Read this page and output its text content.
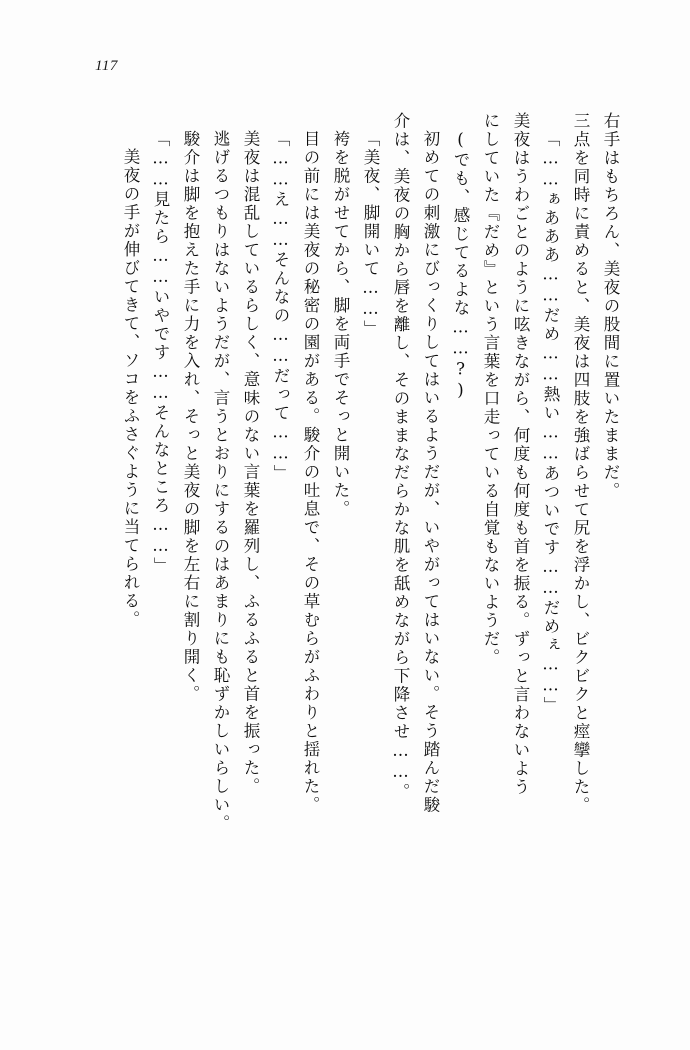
117
右手はもちろん、美夜の股間に置いたままだ。
三点を同時に責めると、美夜は四肢を強ばらせて尻を浮かし、ビクビクと痙攣した。
「……ぁあああ……だめ……熱い……あついです……だめぇ……」
美夜はうわごとのように呟きながら、何度も何度も首を振る。ずっと言わないよう
にしていた『だめ』という言葉を口走っている自覚もないようだ。
(でも、感じてるよな……?)
初めての刺激にびっくりしてはいるようだが、いやがってはいない。そう踏んだ駿
介は、美夜の胸から唇を離し、そのままなだらかな肌を舐めながら下降させ……。
「美夜、脚開いて……」
袴を脱がせてから、脚を両手でそっと開いた。
目の前には美夜の秘密の園がある。駿介の吐息で、その草むらがふわりと揺れた。
「……え……そんなの……だって……」
美夜は混乱しているらしく、意味のない言葉を羅列し、ふるふると首を振った。
逃げるつもりはないようだが、言うとおりにするのはあまりにも恥ずかしいらしい。
駿介は脚を抱えた手に力を入れ、そっと美夜の脚を左右に割り開く。
「……見たら……いやです……そんなところ……」
美夜の手が伸びてきて、ソコをふさぐように当てられる。
